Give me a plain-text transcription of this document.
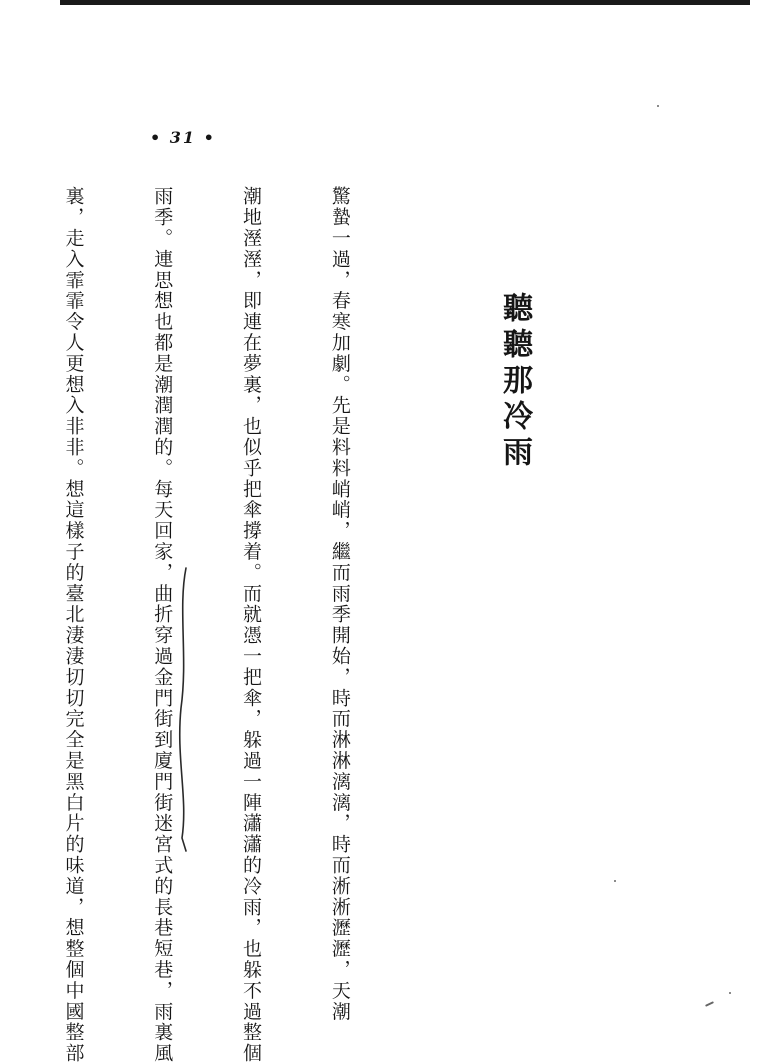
• 31 •
聽聽那冷雨

驚蟄一過，春寒加劇。先是料料峭峭，繼而雨季開始，時而淋淋漓漓，時而淅淅瀝瀝，天潮

潮地溼溼，即連在夢裏，也似乎把傘撐着。而就憑一把傘，躲過一陣瀟瀟的冷雨，也躲不過整個

雨季。連思想也都是潮潤潤的。每天回家，曲折穿過金門街到廈門街迷宮式的長巷短巷，雨裏風

裏，走入霏霏令人更想入非非。想這樣子的臺北淒淒切切完全是黑白片的味道，想整個中國整部
